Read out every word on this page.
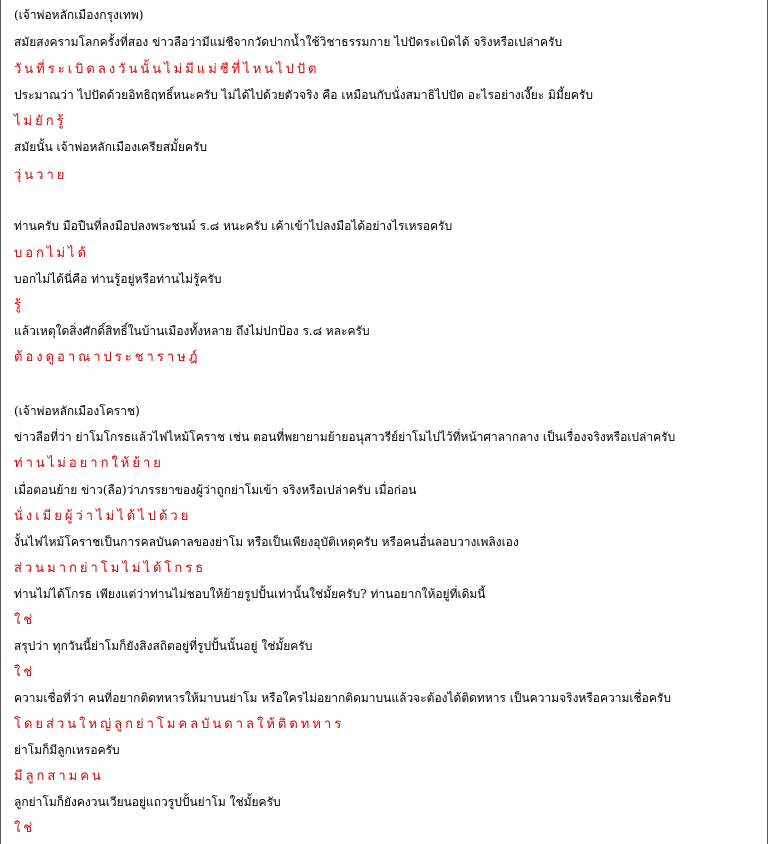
(เจ้าพ่อหลักเมืองกรุงเทพ)
สมัยสงครามโลกครั้งที่สอง ข่าวลือว่ามีแม่ชีจากวัดปากน้ำใช้วิชาธรรมกาย ไปปัดระเบิดได้ จริงหรือเปล่าครับ
วันที่ระเบิดลงวันนั้นไม่มีแม่ชีที่ไหนไปปัด
ประมาณว่า ไปปัดด้วยอิทธิฤทธิ์หนะครับ ไม่ได้ไปด้วยตัวจริง คือ เหมือนกับนั่งสมาธิไปปัด อะไรอย่างเงี๊ยะ มิมี้ยครับ
ไม่ยักรู้
สมัยนั้น เจ้าพ่อหลักเมืองเครียสมั้ยครับ
วุ่นวาย
ท่านครับ มือปืนที่ลงมือปลงพระชนม์ ร.๘ หนะครับ เค้าเข้าไปลงมือได้อย่างไรเหรอครับ
บอกไม่ได้
บอกไม่ได้นี่คือ ท่านรู้อยู่หรือท่านไม่รู้ครับ
รู้
แล้วเหตุใดสิ่งศักดิ์สิทธิ์ในบ้านเมืองทั้งหลาย ถึงไม่ปกป้อง ร.๘ หละครับ
ต้องดูอาณาประชาราษฎ์
(เจ้าพ่อหลักเมืองโคราช)
ข่าวลือที่ว่า ย่าโมโกรธแล้วไฟไหม้โคราช เช่น ตอนที่พยายามย้ายอนุสาวรีย์ย่าโมไปไว้ที่หน้าศาลากลาง เป็นเรื่องจริงหรือเปล่าครับ
ท่านไม่อยากให้ย้าย
เมื่อตอนย้าย ข่าว(ลือ)ว่าภรรยาของผู้ว่าถูกย่าโมเข้า จริงหรือเปล่าครับ เมื่อก่อน
นั่งเมียผู้ว่าไม่ได้ไปด้วย
งั้นไฟไหม้โคราชเป็นการคลบันดาลของย่าโม หรือเป็นเพียงอุบัติเหตุครับ หรือคนอื่นลอบวางเพลิงเอง
ส่วนมากย่าโมไม่ได้โกรธ
ท่านไม่ได้โกรธ เพียงแต่ว่าท่านไม่ชอบให้ย้ายรูปปั้นเท่านั้นใช่มั้ยครับ? ท่านอยากให้อยู่ที่เดิมนี้
ใช่
สรุปว่า ทุกวันนี้ย่าโมก็ยังสิงสถิตอยู่ที่รูปปั้นนั้นอยู่ ใช่มั้ยครับ
ใช่
ความเชื่อที่ว่า คนที่อยากติดทหารให้มาบนย่าโม หรือใครไม่อยากติดมาบนแล้วจะต้องได้ติดทหาร เป็นความจริงหรือความเชื่อครับ
โดยส่วนใหญ่ลูกย่าโมคลบันดาลให้ติดทหาร
ย่าโมก็มีลูกเหรอครับ
มีลูกสามคน
ลูกย่าโมก็ยังคงวนเวียนอยู่แถวรูปปั้นย่าโม ใช่มั้ยครับ
ใช่
